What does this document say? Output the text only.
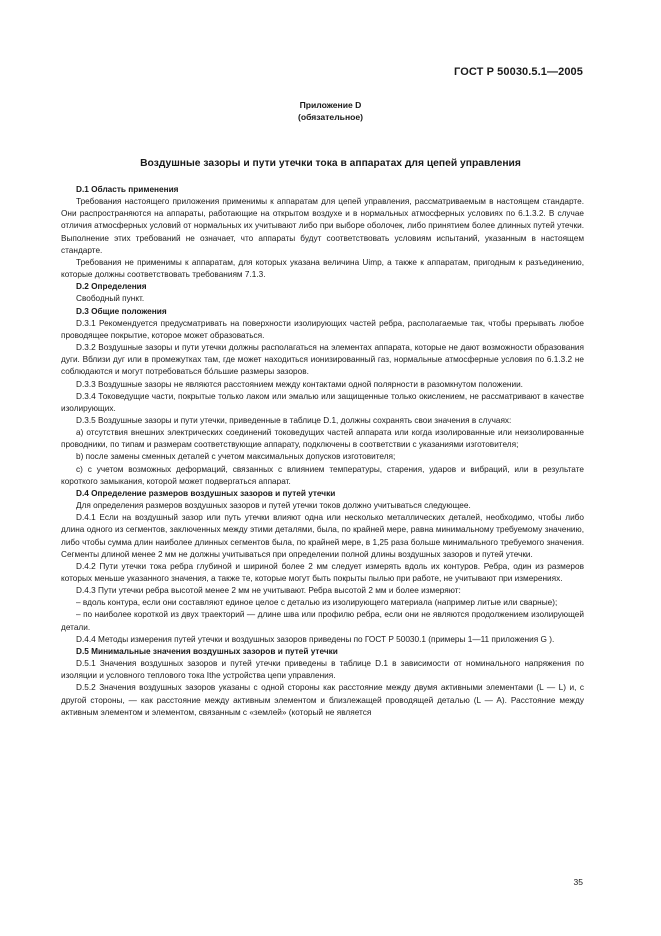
ГОСТ Р 50030.5.1—2005
Приложение D
(обязательное)
Воздушные зазоры и пути утечки тока в аппаратах для цепей управления
D.1 Область применения

Требования настоящего приложения применимы к аппаратам для цепей управления, рассматриваемым в настоящем стандарте. Они распространяются на аппараты, работающие на открытом воздухе и в нормальных атмосферных условиях по 6.1.3.2. В случае отличия атмосферных условий от нормальных их учитывают либо при выборе оболочек, либо принятием более длинных путей утечки. Выполнение этих требований не означает, что аппараты будут соответствовать условиям испытаний, указанным в настоящем стандарте.

Требования не применимы к аппаратам, для которых указана величина Uimp, а также к аппаратам, пригодным к разъединению, которые должны соответствовать требованиям 7.1.3.

D.2 Определения

Свободный пункт.

D.3 Общие положения

D.3.1 Рекомендуется предусматривать на поверхности изолирующих частей ребра, располагаемые так, чтобы прерывать любое проводящее покрытие, которое может образоваться.

D.3.2 Воздушные зазоры и пути утечки должны располагаться на элементах аппарата, которые не дают возможности образования дуги. Вблизи дуг или в промежутках там, где может находиться ионизированный газ, нормальные атмосферные условия по 6.1.3.2 не соблюдаются и могут потребоваться бо́льшие размеры зазоров.

D.3.3 Воздушные зазоры не являются расстоянием между контактами одной полярности в разомкнутом положении.

D.3.4 Токоведущие части, покрытые только лаком или эмалью или защищенные только окислением, не рассматривают в качестве изолирующих.

D.3.5 Воздушные зазоры и пути утечки, приведенные в таблице D.1, должны сохранять свои значения в случаях:

а) отсутствия внешних электрических соединений токоведущих частей аппарата или когда изолированные или неизолированные проводники, по типам и размерам соответствующие аппарату, подключены в соответствии с указаниями изготовителя;

b) после замены сменных деталей с учетом максимальных допусков изготовителя;

с) с учетом возможных деформаций, связанных с влиянием температуры, старения, ударов и вибраций, или в результате короткого замыкания, которой может подвергаться аппарат.

D.4 Определение размеров воздушных зазоров и путей утечки

Для определения размеров воздушных зазоров и путей утечки токов должно учитываться следующее.

D.4.1 Если на воздушный зазор или путь утечки влияют одна или несколько металлических деталей, необходимо, чтобы либо длина одного из сегментов, заключенных между этими деталями, была, по крайней мере, равна минимальному требуемому значению, либо чтобы сумма длин наиболее длинных сегментов была, по крайней мере, в 1,25 раза больше минимального требуемого значения. Сегменты длиной менее 2 мм не должны учитываться при определении полной длины воздушных зазоров и путей утечки.

D.4.2 Пути утечки тока ребра глубиной и шириной более 2 мм следует измерять вдоль их контуров. Ребра, один из размеров которых меньше указанного значения, а также те, которые могут быть покрыты пылью при работе, не учитывают при измерениях.

D.4.3 Пути утечки ребра высотой менее 2 мм не учитывают. Ребра высотой 2 мм и более измеряют:

– вдоль контура, если они составляют единое целое с деталью из изолирующего материала (например литые или сварные);

– по наиболее короткой из двух траекторий — длине шва или профилю ребра, если они не являются продолжением изолирующей детали.

D.4.4 Методы измерения путей утечки и воздушных зазоров приведены по ГОСТ Р 50030.1 (примеры 1—11 приложения G ).

D.5 Минимальные значения воздушных зазоров и путей утечки

D.5.1 Значения воздушных зазоров и путей утечки приведены в таблице D.1 в зависимости от номинального напряжения по изоляции и условного теплового тока Ithe устройства цепи управления.

D.5.2 Значения воздушных зазоров указаны с одной стороны как расстояние между двумя активными элементами (L — L) и, с другой стороны, — как расстояние между активным элементом и близлежащей проводящей деталью (L — A). Расстояние между активным элементом и элементом, связанным с «землей» (который не является

35
